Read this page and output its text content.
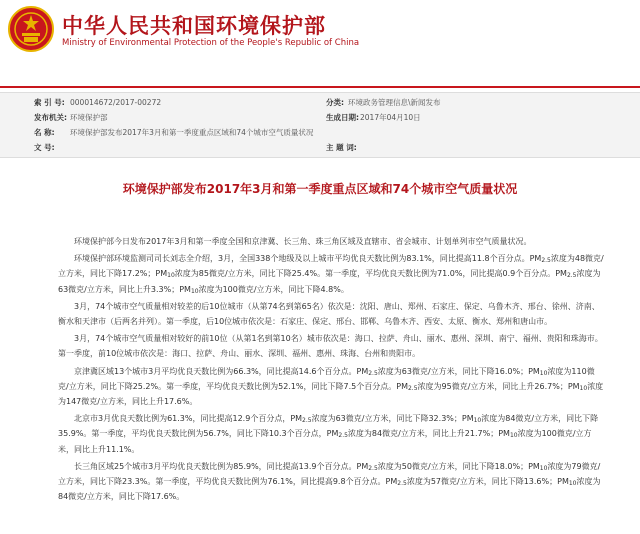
中华人民共和国环境保护部
Ministry of Environmental Protection of the People's Republic of China
索 引 号: 000014672/2017-00272	分类: 环境政务管理信息\新闻发布
发布机关: 环境保护部	生成日期: 2017年04月10日
名 称: 环境保护部发布2017年3月和第一季度重点区域和74个城市空气质量状况
文 号:	主 题 词:
环境保护部发布2017年3月和第一季度重点区域和74个城市空气质量状况

环境保护部今日发布2017年3月和第一季度全国和京津冀、长三角、珠三角区域及直辖市、省会城市、计划单列市空气质量状况。

环境保护部环境监测司司长刘志全介绍，3月，全国338个地级及以上城市平均优良天数比例为83.1%，同比提高11.8个百分点。$PM_{2.5}$浓度为48微克/立方米，同比下降17.2%；$PM_{10}$浓度为85微克/立方米，同比下降25.4%。第一季度，平均优良天数比例为71.0%，同比提高0.9个百分点。$PM_{2.5}$浓度为63微克/立方米，同比上升3.3%；$PM_{10}$浓度为100微克/立方米，同比下降4.8%。

3月，74个城市空气质量相对较差的后10位城市（从第74名到第65名）依次是：沈阳、唐山、郑州、石家庄、保定、乌鲁木齐、邢台、徐州、济南、衡水和天津市（后两名并列）。第一季度，后10位城市依次是：石家庄、保定、邢台、邯郸、乌鲁木齐、西安、太原、衡水、郑州和唐山市。

3月，74个城市空气质量相对较好的前10位（从第1名到第10名）城市依次是：海口、拉萨、舟山、丽水、惠州、深圳、南宁、福州、贵阳和珠海市。第一季度，前10位城市依次是：海口、拉萨、舟山、丽水、深圳、福州、惠州、珠海、台州和贵阳市。

京津冀区域13个城市3月平均优良天数比例为66.3%，同比提高14.6个百分点。$PM_{2.5}$浓度为63微克/立方米，同比下降16.0%；$PM_{10}$浓度为110微克/立方米，同比下降25.2%。第一季度，平均优良天数比例为52.1%，同比下降7.5个百分点。$PM_{2.5}$浓度为95微克/立方米，同比上升26.7%；$PM_{10}$浓度为147微克/立方米，同比上升17.6%。

北京市3月优良天数比例为61.3%，同比提高12.9个百分点，$PM_{2.5}$浓度为63微克/立方米，同比下降32.3%；$PM_{10}$浓度为84微克/立方米，同比下降35.9%。第一季度，平均优良天数比例为56.7%，同比下降10.3个百分点，$PM_{2.5}$浓度为84微克/立方米，同比上升21.7%；$PM_{10}$浓度为100微克/立方米，同比上升11.1%。

长三角区域25个城市3月平均优良天数比例为85.9%，同比提高13.9个百分点。$PM_{2.5}$浓度为50微克/立方米，同比下降18.0%；$PM_{10}$浓度为79微克/立方米，同比下降23.3%。第一季度，平均优良天数比例为76.1%，同比提高9.8个百分点。$PM_{2.5}$浓度为57微克/立方米，同比下降13.6%；$PM_{10}$浓度为84微克/立方米，同比下降17.6%。
